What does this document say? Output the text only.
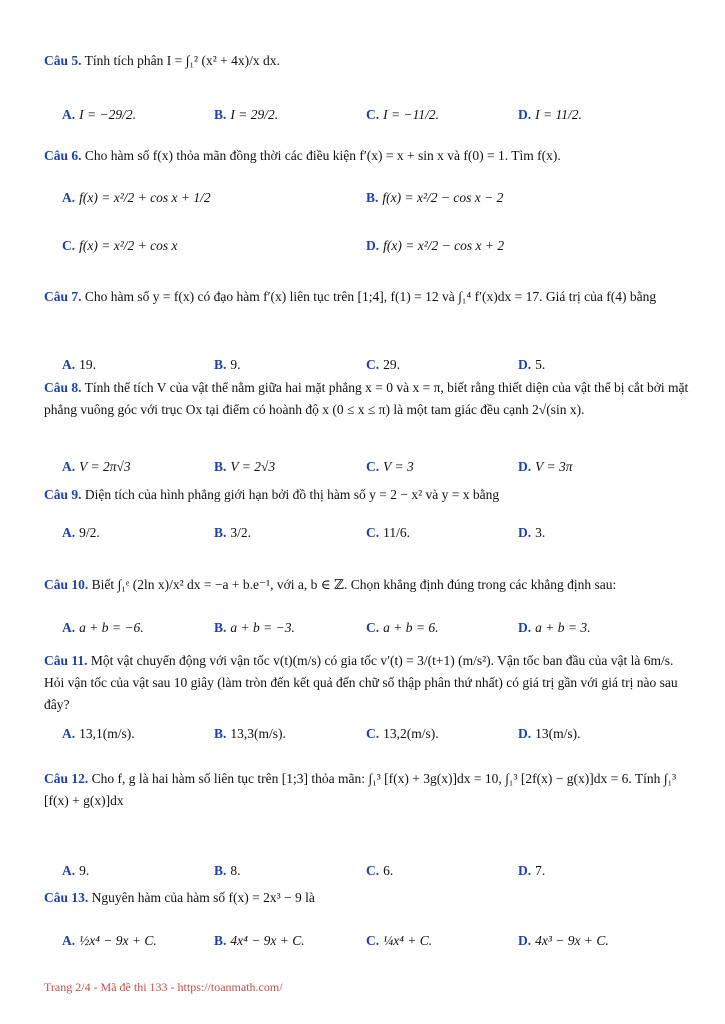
Câu 5. Tính tích phân I = ∫₁² (x² + 4x)/x dx.
A. I = −29/2.	B. I = 29/2.	C. I = −11/2.	D. I = 11/2.
Câu 6. Cho hàm số f(x) thỏa mãn đồng thời các điều kiện f′(x) = x + sin x và f(0) = 1. Tìm f(x).
A. f(x) = x²/2 + cos x + 1/2	B. f(x) = x²/2 − cos x − 2
C. f(x) = x²/2 + cos x	D. f(x) = x²/2 − cos x + 2
Câu 7. Cho hàm số y = f(x) có đạo hàm f′(x) liên tục trên [1;4], f(1) = 12 và ∫₁⁴ f′(x)dx = 17. Giá trị của f(4) bằng
A. 19.	B. 9.	C. 29.	D. 5.
Câu 8. Tính thể tích V của vật thể nằm giữa hai mặt phẳng x = 0 và x = π, biết rằng thiết diện của vật thể bị cắt bởi mặt phẳng vuông góc với trục Ox tại điểm có hoành độ x (0 ≤ x ≤ π) là một tam giác đều cạnh 2√(sin x).
A. V = 2π√3	B. V = 2√3	C. V = 3	D. V = 3π
Câu 9. Diện tích của hình phẳng giới hạn bởi đồ thị hàm số y = 2 − x² và y = x bằng
A. 9/2.	B. 3/2.	C. 11/6.	D. 3.
Câu 10. Biết ∫₁ᵉ (2ln x)/x² dx = −a + b.e⁻¹, với a, b ∈ ℤ. Chọn khẳng định đúng trong các khẳng định sau:
A. a + b = −6.	B. a + b = −3.	C. a + b = 6.	D. a + b = 3.
Câu 11. Một vật chuyển động với vận tốc v(t)(m/s) có gia tốc v′(t) = 3/(t+1) (m/s²). Vận tốc ban đầu của vật là 6m/s. Hỏi vận tốc của vật sau 10 giây (làm tròn đến kết quả đến chữ số thập phân thứ nhất) có giá trị gần với giá trị nào sau đây?
A. 13,1(m/s).	B. 13,3(m/s).	C. 13,2(m/s).	D. 13(m/s).
Câu 12. Cho f, g là hai hàm số liên tục trên [1;3] thỏa mãn: ∫₁³ [f(x) + 3g(x)]dx = 10, ∫₁³ [2f(x) − g(x)]dx = 6. Tính ∫₁³ [f(x) + g(x)]dx
A. 9.	B. 8.	C. 6.	D. 7.
Câu 13. Nguyên hàm của hàm số f(x) = 2x³ − 9 là
A. ½x⁴ − 9x + C.	B. 4x⁴ − 9x + C.	C. ¼x⁴ + C.	D. 4x³ − 9x + C.
Trang 2/4 - Mã đề thi 133 - https://toanmath.com/
